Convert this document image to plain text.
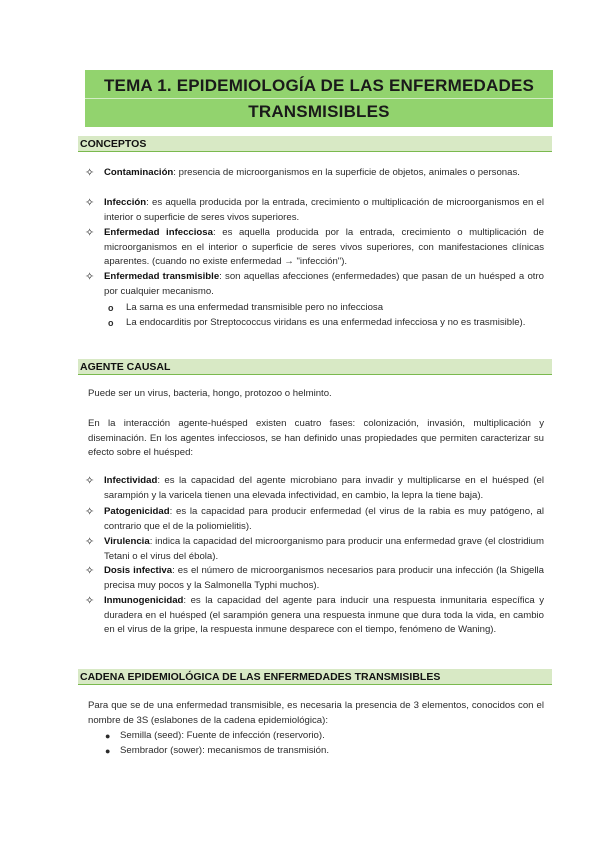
TEMA 1. EPIDEMIOLOGÍA DE LAS ENFERMEDADES
TRANSMISIBLES
CONCEPTOS
✧ Contaminación: presencia de microorganismos en la superficie de objetos, animales o personas.
✧ Infección: es aquella producida por la entrada, crecimiento o multiplicación de microorganismos en el interior o superficie de seres vivos superiores.
✧ Enfermedad infecciosa: es aquella producida por la entrada, crecimiento o multiplicación de microorganismos en el interior o superficie de seres vivos superiores, con manifestaciones clínicas aparentes. (cuando no existe enfermedad → "infección").
✧ Enfermedad transmisible: son aquellas afecciones (enfermedades) que pasan de un huésped a otro por cualquier mecanismo.
o La sarna es una enfermedad transmisible pero no infecciosa
o La endocarditis por Streptococcus viridans es una enfermedad infecciosa y no es trasmisible).
AGENTE CAUSAL
Puede ser un virus, bacteria, hongo, protozoo o helminto.
En la interacción agente-huésped existen cuatro fases: colonización, invasión, multiplicación y diseminación. En los agentes infecciosos, se han definido unas propiedades que permiten caracterizar su efecto sobre el huésped:
✧ Infectividad: es la capacidad del agente microbiano para invadir y multiplicarse en el huésped (el sarampión y la varicela tienen una elevada infectividad, en cambio, la lepra la tiene baja).
✧ Patogenicidad: es la capacidad para producir enfermedad (el virus de la rabia es muy patógeno, al contrario que el de la poliomielitis).
✧ Virulencia: indica la capacidad del microorganismo para producir una enfermedad grave (el clostridium Tetani o el virus del ébola).
✧ Dosis infectiva: es el número de microorganismos necesarios para producir una infección (la Shigella precisa muy pocos y la Salmonella Typhi muchos).
✧ Inmunogenicidad: es la capacidad del agente para inducir una respuesta inmunitaria específica y duradera en el huésped (el sarampión genera una respuesta inmune que dura toda la vida, en cambio en el virus de la gripe, la respuesta inmune desparece con el tiempo, fenómeno de Waning).
CADENA EPIDEMIOLÓGICA DE LAS ENFERMEDADES TRANSMISIBLES
Para que se de una enfermedad transmisible, es necesaria la presencia de 3 elementos, conocidos con el nombre de 3S (eslabones de la cadena epidemiológica):
● Semilla (seed): Fuente de infección (reservorio).
● Sembrador (sower): mecanismos de transmisión.
